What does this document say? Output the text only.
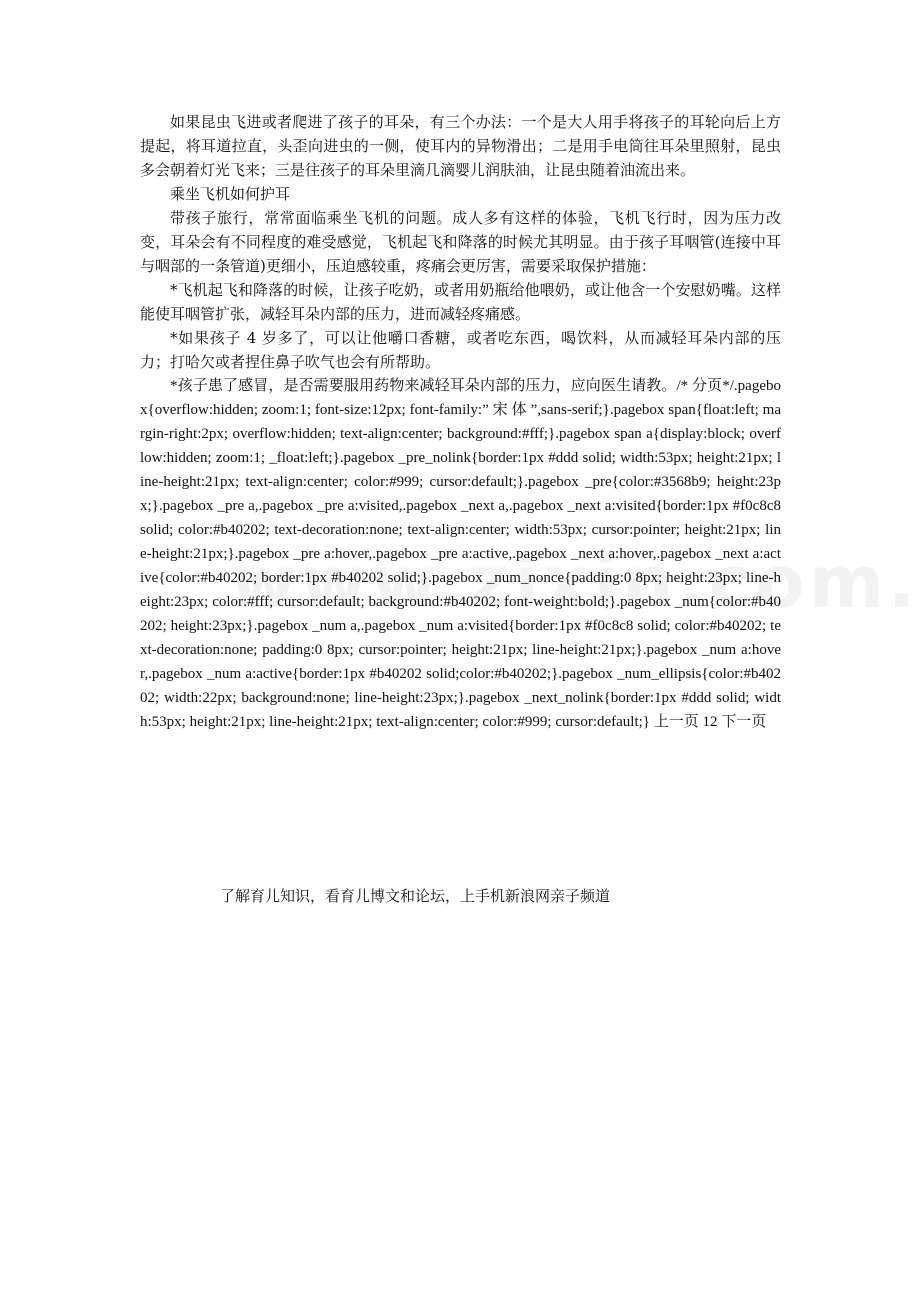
如果昆虫飞进或者爬进了孩子的耳朵，有三个办法：一个是大人用手将孩子的耳轮向后上方提起，将耳道拉直，头歪向进虫的一侧，使耳内的异物滑出；二是用手电筒往耳朵里照射，昆虫多会朝着灯光飞来；三是往孩子的耳朵里滴几滴婴儿润肤油，让昆虫随着油流出来。

乘坐飞机如何护耳

带孩子旅行，常常面临乘坐飞机的问题。成人多有这样的体验，飞机飞行时，因为压力改变，耳朵会有不同程度的难受感觉，飞机起飞和降落的时候尤其明显。由于孩子耳咽管(连接中耳与咽部的一条管道)更细小，压迫感较重，疼痛会更厉害，需要采取保护措施：

*飞机起飞和降落的时候，让孩子吃奶，或者用奶瓶给他喂奶，或让他含一个安慰奶嘴。这样能使耳咽管扩张，减轻耳朵内部的压力，进而减轻疼痛感。

*如果孩子 4 岁多了，可以让他嚼口香糖，或者吃东西，喝饮料，从而减轻耳朵内部的压力；打哈欠或者捏住鼻子吹气也会有所帮助。

*孩子患了感冒，是否需要服用药物来减轻耳朵内部的压力，应向医生请教。/* 分页*/.pagebox{overflow:hidden; zoom:1; font-size:12px; font-family:” 宋 体 ”,sans-serif;}.pagebox span{float:left; margin-right:2px; overflow:hidden; text-align:center; background:#fff;}.pagebox span a{display:block; overflow:hidden; zoom:1; _float:left;}.pagebox _pre_nolink{border:1px #ddd solid; width:53px; height:21px; line-height:21px; text-align:center; color:#999; cursor:default;}.pagebox _pre{color:#3568b9; height:23px;}.pagebox _pre a,.pagebox _pre a:visited,.pagebox _next a,.pagebox _next a:visited{border:1px #f0c8c8 solid; color:#b40202; text-decoration:none; text-align:center; width:53px; cursor:pointer; height:21px; line-height:21px;}.pagebox _pre a:hover,.pagebox _pre a:active,.pagebox _next a:hover,.pagebox _next a:active{color:#b40202; border:1px #b40202 solid;}.pagebox _num_nonce{padding:0 8px; height:23px; line-height:23px; color:#fff; cursor:default; background:#b40202; font-weight:bold;}.pagebox _num{color:#b40202; height:23px;}.pagebox _num a,.pagebox _num a:visited{border:1px #f0c8c8 solid; color:#b40202; text-decoration:none; padding:0 8px; cursor:pointer; height:21px; line-height:21px;}.pagebox _num a:hover,.pagebox _num a:active{border:1px #b40202 solid;color:#b40202;}.pagebox _num_ellipsis{color:#b40202; width:22px; background:none; line-height:23px;}.pagebox _next_nolink{border:1px #ddd solid; width:53px; height:21px; line-height:21px; text-align:center; color:#999; cursor:default;} 上一页 12 下一页

了解育儿知识，看育儿博文和论坛，上手机新浪网亲子频道
